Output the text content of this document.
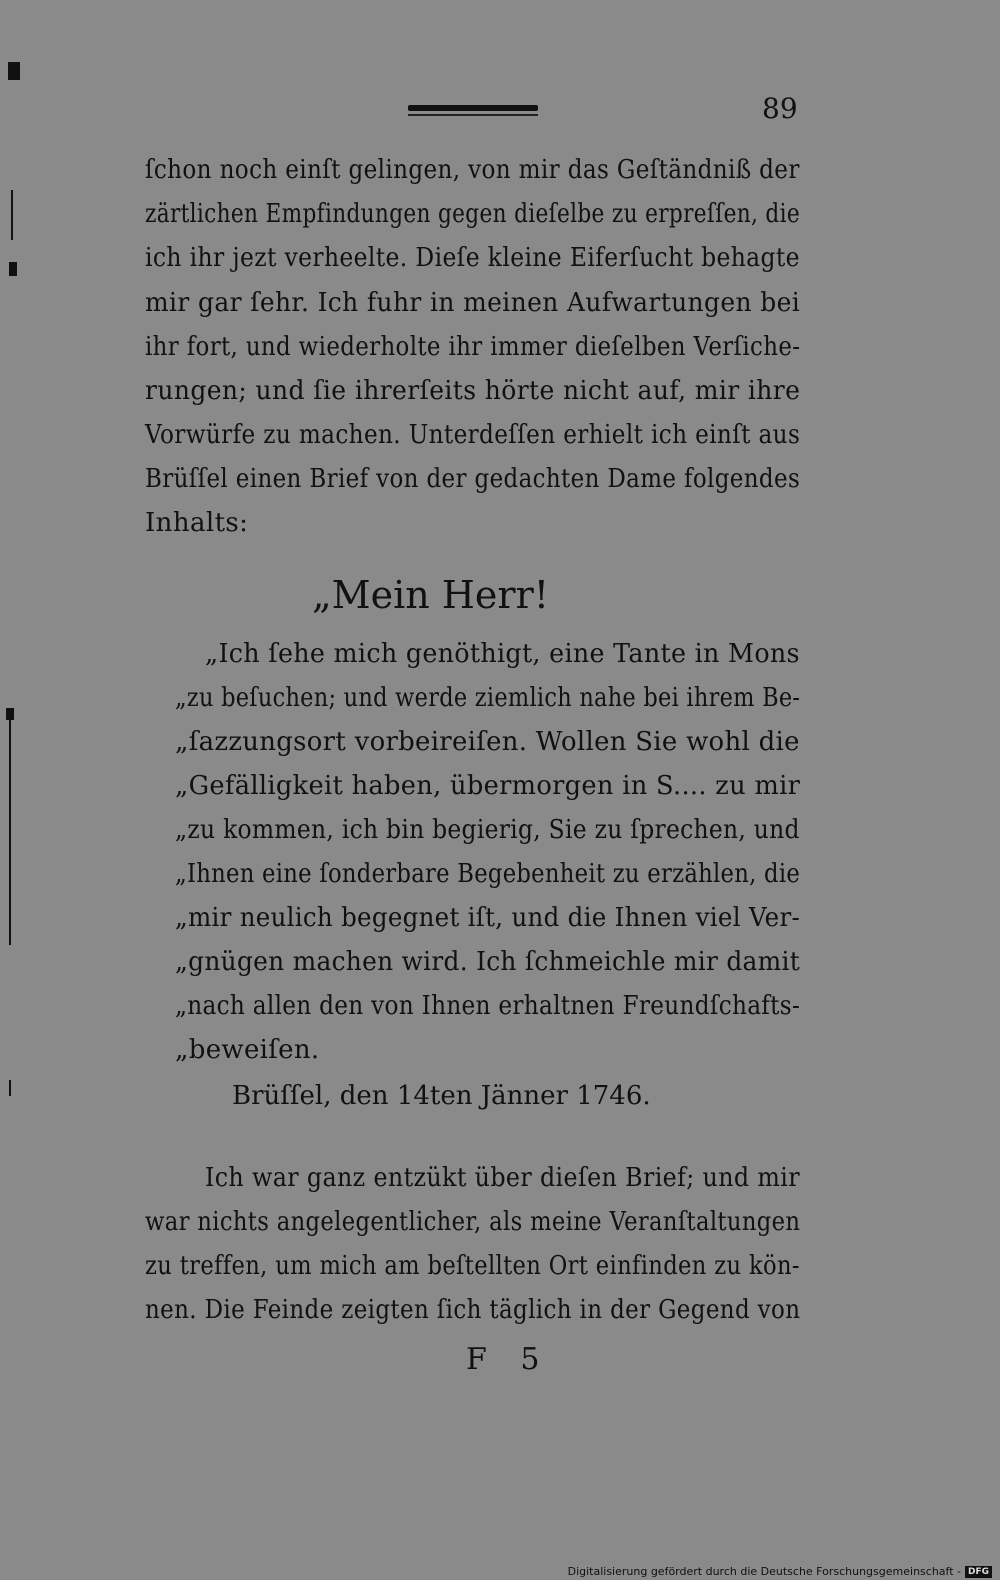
89
ſchon noch einſt gelingen, von mir das Geſtändniß der
zärtlichen Empfindungen gegen dieſelbe zu erpreſſen, die
ich ihr jezt verheelte. Dieſe kleine Eiferſucht behagte
mir gar ſehr. Ich fuhr in meinen Aufwartungen bei
ihr fort, und wiederholte ihr immer dieſelben Verſiche-
rungen; und ſie ihrerſeits hörte nicht auf, mir ihre
Vorwürfe zu machen. Unterdeſſen erhielt ich einſt aus
Brüſſel einen Brief von der gedachten Dame folgendes
Inhalts:
„Mein Herr!
„Ich ſehe mich genöthigt, eine Tante in Mons
„zu beſuchen; und werde ziemlich nahe bei ihrem Be-
„ſazzungsort vorbeireiſen. Wollen Sie wohl die
„Gefälligkeit haben, übermorgen in S.... zu mir
„zu kommen, ich bin begierig, Sie zu ſprechen, und
„Ihnen eine ſonderbare Begebenheit zu erzählen, die
„mir neulich begegnet iſt, und die Ihnen viel Ver-
„gnügen machen wird. Ich ſchmeichle mir damit
„nach allen den von Ihnen erhaltnen Freundſchafts-
„beweiſen.
Brüſſel, den 14ten Jänner 1746.
Ich war ganz entzükt über dieſen Brief; und mir
war nichts angelegentlicher, als meine Veranſtaltungen
zu treffen, um mich am beſtellten Ort einfinden zu kön-
nen. Die Feinde zeigten ſich täglich in der Gegend von
F 5
Digitalisierung gefördert durch die Deutsche Forschungsgemeinschaft - DFG
